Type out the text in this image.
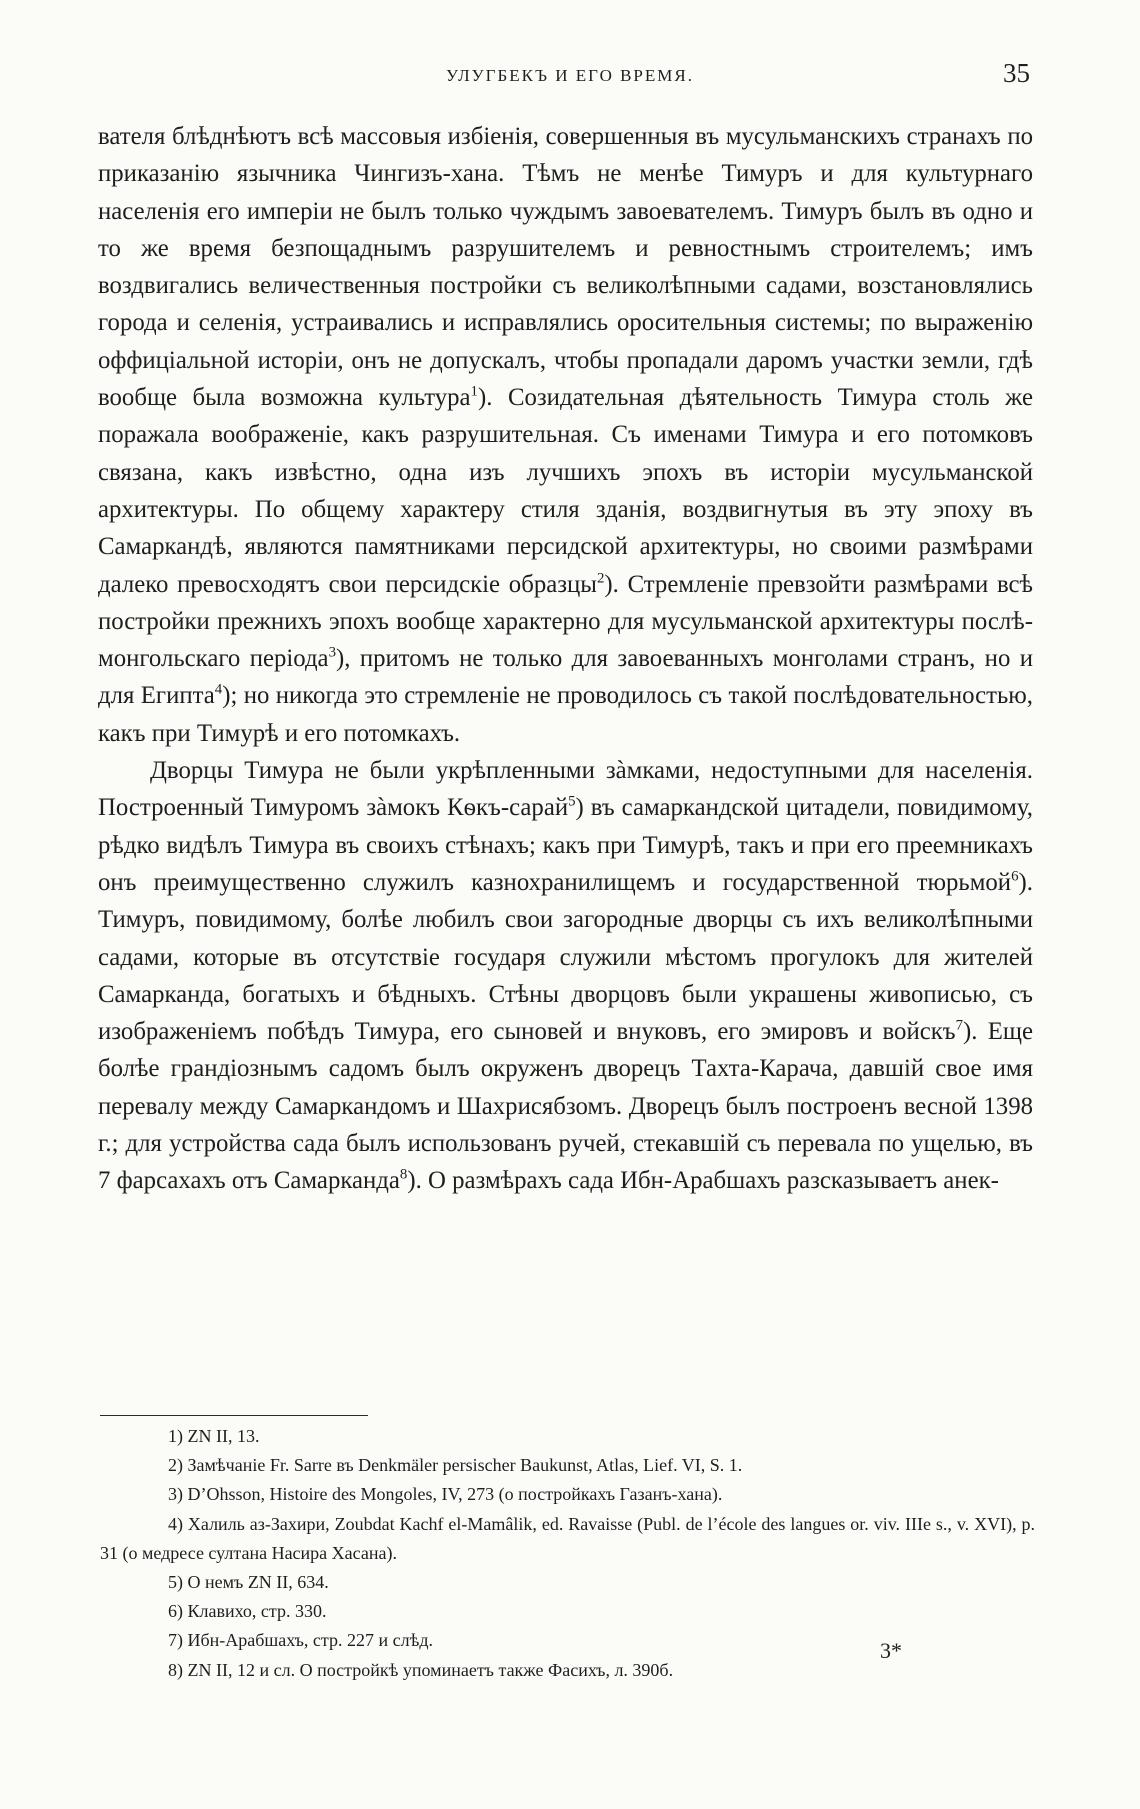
УЛУГБЕКЪ И ЕГО ВРЕМЯ.	35

вателя блѣднѣютъ всѣ массовыя избіенія, совершенныя въ мусульманскихъ странахъ по приказанію язычника Чингизъ-хана. Тѣмъ не менѣе Тимуръ и для культурнаго населенія его имперіи не былъ только чуждымъ завоевателемъ. Тимуръ былъ въ одно и то же время безпощаднымъ разрушителемъ и ревностнымъ строителемъ; имъ воздвигались величественныя постройки съ великолѣпными садами, возстановлялись города и селенія, устраивались и исправлялись оросительныя системы; по выраженію оффиціальной исторіи, онъ не допускалъ, чтобы пропадали даромъ участки земли, гдѣ вообще была возможна культура$^1$). Созидательная дѣятельность Тимура столь же поражала воображеніе, какъ разрушительная. Съ именами Тимура и его потомковъ связана, какъ извѣстно, одна изъ лучшихъ эпохъ въ исторіи мусульманской архитектуры. По общему характеру стиля зданія, воздвигнутыя въ эту эпоху въ Самаркандѣ, являются памятниками персидской архитектуры, но своими размѣрами далеко превосходятъ свои персидскіе образцы$^2$). Стремленіе превзойти размѣрами всѣ постройки прежнихъ эпохъ вообще характерно для мусульманской архитектуры послѣ-монгольскаго періода$^3$), притомъ не только для завоеванныхъ монголами странъ, но и для Египта$^4$); но никогда это стремленіе не проводилось съ такой послѣдовательностью, какъ при Тимурѣ и его потомкахъ.

Дворцы Тимура не были укрѣпленными зàмками, недоступными для населенія. Построенный Тимуромъ зàмокъ Кѳкъ-сарай$^5$) въ самаркандской цитадели, повидимому, рѣдко видѣлъ Тимура въ своихъ стѣнахъ; какъ при Тимурѣ, такъ и при его преемникахъ онъ преимущественно служилъ казнохранилищемъ и государственной тюрьмой$^6$). Тимуръ, повидимому, болѣе любилъ свои загородные дворцы съ ихъ великолѣпными садами, которые въ отсутствіе государя служили мѣстомъ прогулокъ для жителей Самарканда, богатыхъ и бѣдныхъ. Стѣны дворцовъ были украшены живописью, съ изображеніемъ побѣдъ Тимура, его сыновей и внуковъ, его эмировъ и войскъ$^7$). Еще болѣе грандіознымъ садомъ былъ окруженъ дворецъ Тахта-Карача, давшій свое имя перевалу между Самаркандомъ и Шахрисябзомъ. Дворецъ былъ построенъ весной 1398 г.; для устройства сада былъ использованъ ручей, стекавшій съ перевала по ущелью, въ 7 фарсахахъ отъ Самарканда$^8$). О размѣрахъ сада Ибн-Арабшахъ разсказываетъ анек-

1) ZN II, 13.

2) Замѣчаніе Fr. Sarre въ Denkmäler persischer Baukunst, Atlas, Lief. VI, S. 1.

3) D’Ohsson, Histoire des Mongoles, IV, 273 (о постройкахъ Газанъ-хана).

4) Халиль аз-Захири, Zoubdat Kachf el-Mamâlik, ed. Ravaisse (Publ. de l’école des langues or. viv. IIIe s., v. XVI), p. 31 (о медресе султана Насира Хасана).

5) О немъ ZN II, 634.

6) Клавихо, стр. 330.

7) Ибн-Арабшахъ, стр. 227 и слѣд.

8) ZN II, 12 и сл. О постройкѣ упоминаетъ также Фасихъ, л. 390б.

3*
